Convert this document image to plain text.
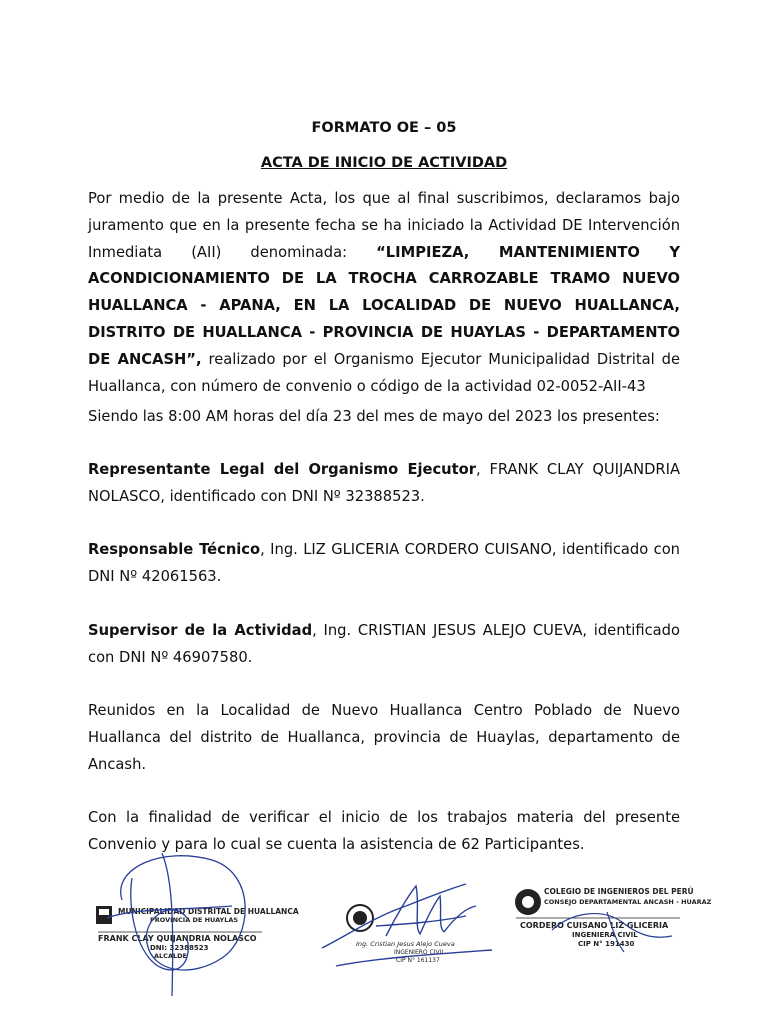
FORMATO OE – 05
ACTA DE INICIO DE ACTIVIDAD
Por medio de la presente Acta, los que al final suscribimos, declaramos bajo juramento que en la presente fecha se ha iniciado la Actividad DE Intervención Inmediata (AII) denominada: “LIMPIEZA, MANTENIMIENTO Y ACONDICIONAMIENTO DE LA TROCHA CARROZABLE TRAMO NUEVO HUALLANCA - APANA, EN LA LOCALIDAD DE NUEVO HUALLANCA, DISTRITO DE HUALLANCA - PROVINCIA DE HUAYLAS - DEPARTAMENTO DE ANCASH”, realizado por el Organismo Ejecutor Municipalidad Distrital de Huallanca, con número de convenio o código de la actividad 02-0052-AII-43
Siendo las 8:00 AM horas del día 23 del mes de mayo del 2023 los presentes:
Representante Legal del Organismo Ejecutor, FRANK CLAY QUIJANDRIA NOLASCO, identificado con DNI Nº 32388523.
Responsable Técnico, Ing. LIZ GLICERIA CORDERO CUISANO, identificado con DNI Nº 42061563.
Supervisor de la Actividad, Ing. CRISTIAN JESUS ALEJO CUEVA, identificado con DNI Nº 46907580.
Reunidos en la Localidad de Nuevo Huallanca Centro Poblado de Nuevo Huallanca del distrito de Huallanca, provincia de Huaylas, departamento de Ancash.
Con la finalidad de verificar el inicio de los trabajos materia del presente Convenio y para lo cual se cuenta la asistencia de 62 Participantes.
MUNICIPALIDAD DISTRITAL DE HUALLANCA
PROVINCIA DE HUAYLAS
FRANK CLAY QUIJANDRIA NOLASCO
DNI: 32388523
ALCALDE
Ing. Cristian Jesus Alejo Cueva
INGENIERO CIVIL
CIP N° 161137
COLEGIO DE INGENIEROS DEL PERÚ
CONSEJO DEPARTAMENTAL ANCASH - HUARAZ
CORDERO CUISANO LIZ GLICERIA
INGENIERA CIVIL
CIP N° 191430
